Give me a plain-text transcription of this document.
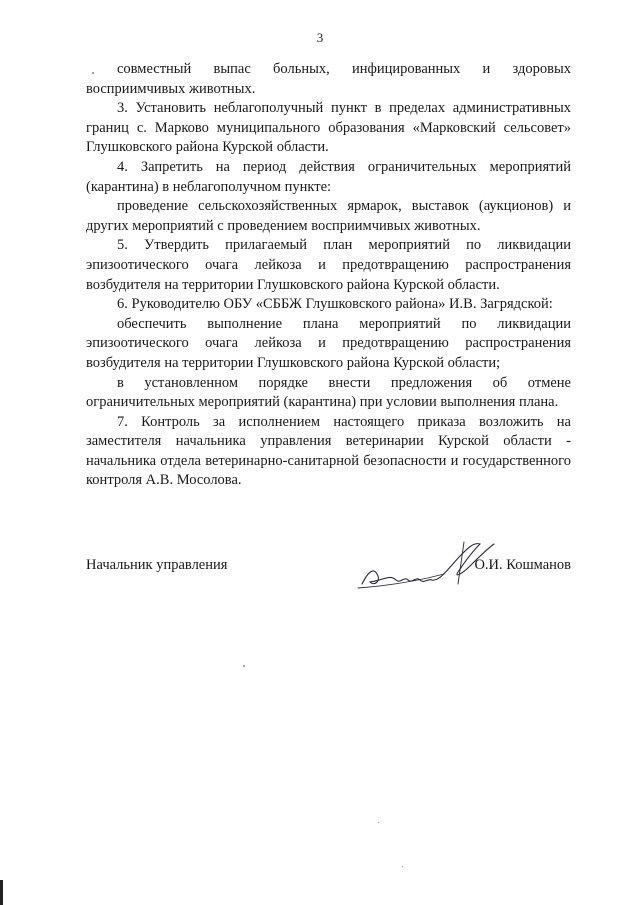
3

совместный выпас больных, инфицированных и здоровых восприимчивых животных.

3. Установить неблагополучный пункт в пределах административных границ с. Марково муниципального образования «Марковский сельсовет» Глушковского района Курской области.

4. Запретить на период действия ограничительных мероприятий (карантина) в неблагополучном пункте:

проведение сельскохозяйственных ярмарок, выставок (аукционов) и других мероприятий с проведением восприимчивых животных.

5. Утвердить прилагаемый план мероприятий по ликвидации эпизоотического очага лейкоза и предотвращению распространения возбудителя на территории Глушковского района Курской области.

6. Руководителю ОБУ «СББЖ Глушковского района» И.В. Загрядской:

обеспечить выполнение плана мероприятий по ликвидации эпизоотического очага лейкоза и предотвращению распространения возбудителя на территории Глушковского района Курской области;

в установленном порядке внести предложения об отмене ограничительных мероприятий (карантина) при условии выполнения плана.

7. Контроль за исполнением настоящего приказа возложить на заместителя начальника управления ветеринарии Курской области - начальника отдела ветеринарно-санитарной безопасности и государственного контроля А.В. Мосолова.

Начальник управления	О.И. Кошманов
